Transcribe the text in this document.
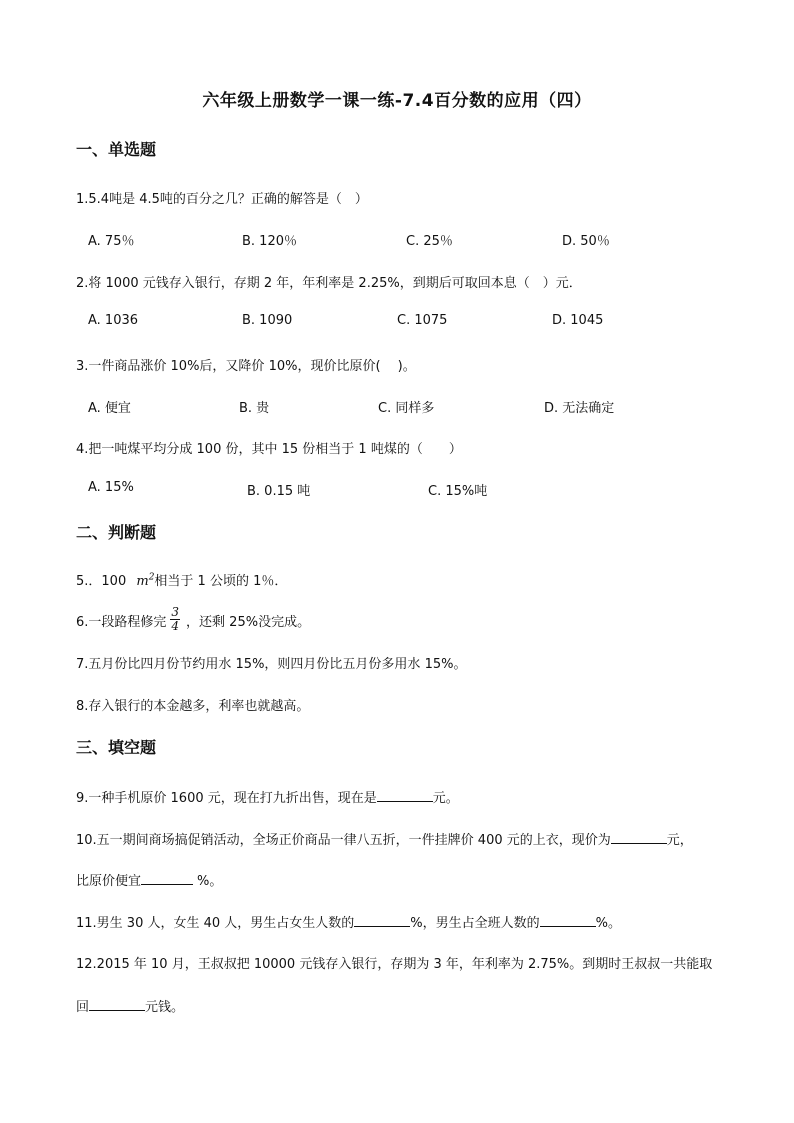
六年级上册数学一课一练-7.4百分数的应用（四）
一、单选题
1.5.4吨是 4.5吨的百分之几？正确的解答是（　）
A. 75％	B. 120％	C. 25％	D. 50％
2.将 1000 元钱存入银行，存期 2 年，年利率是 2.25%，到期后可取回本息（　）元．
A. 1036	B. 1090	C. 1075	D. 1045
3.一件商品涨价 10%后，又降价 10%，现价比原价(　 )。
A. 便宜	B. 贵	C. 同样多	D. 无法确定
4.把一吨煤平均分成 100 份，其中 15 份相当于 1 吨煤的（　　）
A. 15%	B. 0.15 吨	C. 15%吨
二、判断题
5.．100 $m^2$相当于 1 公顷的 1％．
6.一段路程修完 $\frac{3}{4}$ ，还剩 25%没完成。
7.五月份比四月份节约用水 15%，则四月份比五月份多用水 15%。
8.存入银行的本金越多，利率也就越高。
三、填空题
9.一种手机原价 1600 元，现在打九折出售，现在是	元。
10.五一期间商场搞促销活动，全场正价商品一律八五折，一件挂牌价 400 元的上衣，现价为	元，
比原价便宜	%。
11.男生 30 人，女生 40 人，男生占女生人数的	%，男生占全班人数的	%。
12.2015 年 10 月，王叔叔把 10000 元钱存入银行，存期为 3 年，年利率为 2.75%。到期时王叔叔一共能取
回	元钱。
